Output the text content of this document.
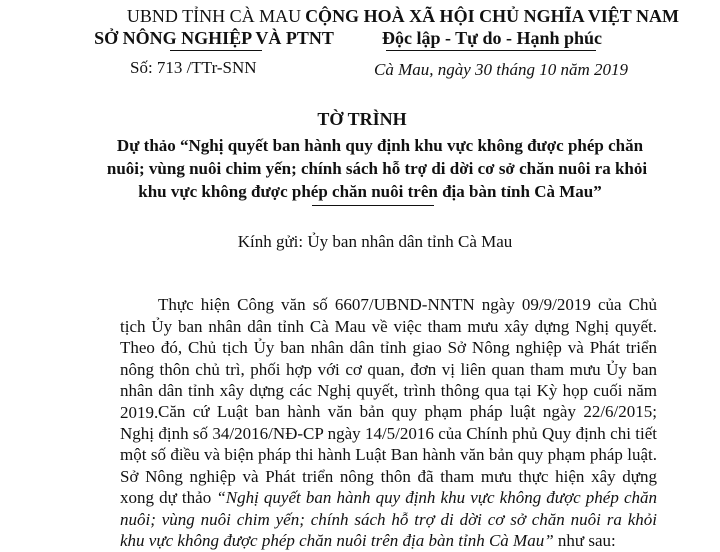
UBND TỈNH CÀ MAU
SỞ NÔNG NGHIỆP VÀ PTNT
Số: 713 /TTr-SNN
CỘNG HOÀ XÃ HỘI CHỦ NGHĨA VIỆT NAM
Độc lập - Tự do - Hạnh phúc
Cà Mau, ngày 30 tháng 10 năm 2019
TỜ TRÌNH
Dự thảo “Nghị quyết ban hành quy định khu vực không được phép chăn
nuôi; vùng nuôi chim yến; chính sách hỗ trợ di dời cơ sở chăn nuôi ra khỏi
khu vực không được phép chăn nuôi trên địa bàn tỉnh Cà Mau”
Kính gửi: Ủy ban nhân dân tỉnh Cà Mau
Thực hiện Công văn số 6607/UBND-NNTN ngày 09/9/2019 của Chủ tịch Ủy ban nhân dân tỉnh Cà Mau về việc tham mưu xây dựng Nghị quyết. Theo đó, Chủ tịch Ủy ban nhân dân tỉnh giao Sở Nông nghiệp và Phát triển nông thôn chủ trì, phối hợp với cơ quan, đơn vị liên quan tham mưu Ủy ban nhân dân tỉnh xây dựng các Nghị quyết, trình thông qua tại Kỳ họp cuối năm 2019. Căn cứ Luật ban hành văn bản quy phạm pháp luật ngày 22/6/2015; Nghị định số 34/2016/NĐ-CP ngày 14/5/2016 của Chính phủ Quy định chi tiết một số điều và biện pháp thi hành Luật Ban hành văn bản quy phạm pháp luật. Sở Nông nghiệp và Phát triển nông thôn đã tham mưu thực hiện xây dựng xong dự thảo “Nghị quyết ban hành quy định khu vực không được phép chăn nuôi; vùng nuôi chim yến; chính sách hỗ trợ di dời cơ sở chăn nuôi ra khỏi khu vực không được phép chăn nuôi trên địa bàn tỉnh Cà Mau” như sau:
